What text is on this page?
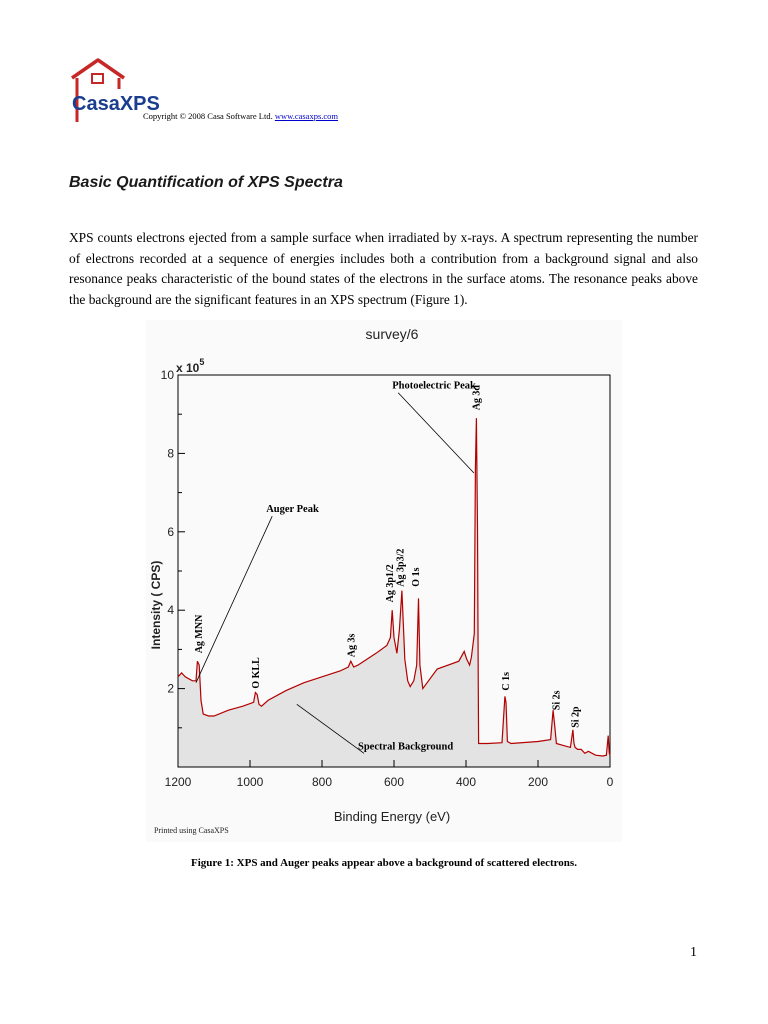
CasaXPS
Copyright © 2008 Casa Software Ltd. www.casaxps.com
Basic Quantification of XPS Spectra

XPS counts electrons ejected from a sample surface when irradiated by x-rays. A spectrum representing the number of electrons recorded at a sequence of energies includes both a contribution from a background signal and also resonance peaks characteristic of the bound states of the electrons in the surface atoms. The resonance peaks above the background are the significant features in an XPS spectrum (Figure 1).

survey/6
x $10^5$
Intensity ( CPS)
Binding Energy (eV)
Printed using CasaXPS
1200	1000	800	600	400	200	0
2
4
6
8
10
Photoelectric Peak
Auger Peak
Spectral Background
Ag MNN
O KLL
Ag 3s
Ag 3p1/2 Ag 3p3/2 O 1s
Ag 3d
C 1s
Si 2s
Si 2p
Figure 1: XPS and Auger peaks appear above a background of scattered electrons.
1
